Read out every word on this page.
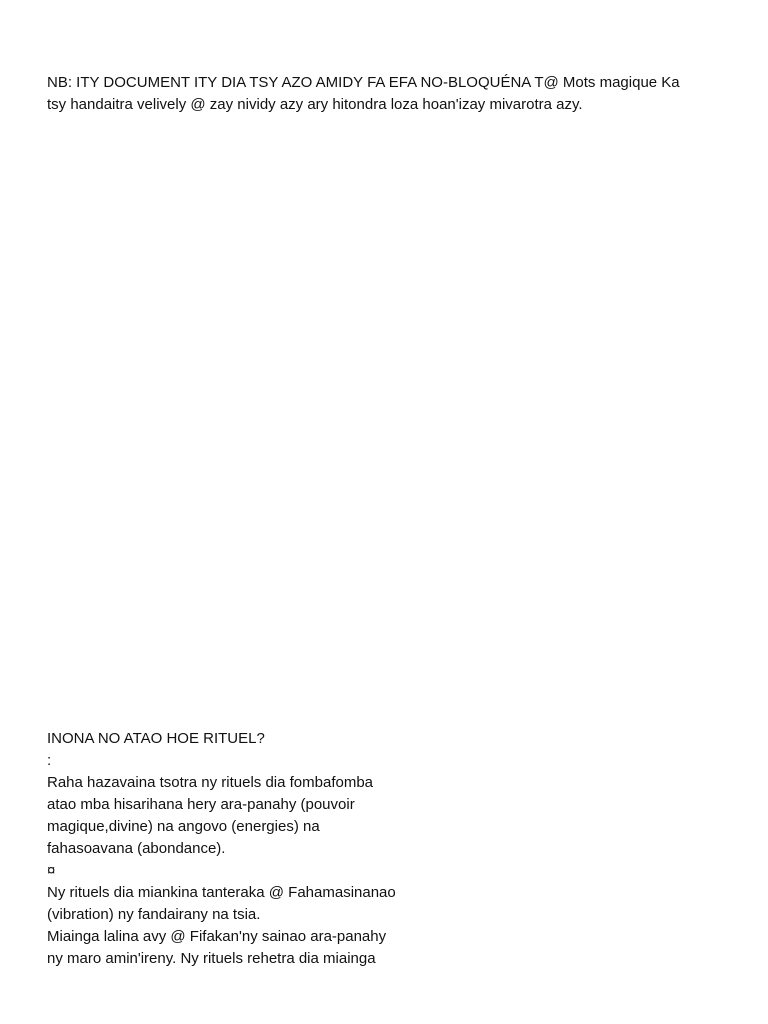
NB: ITY DOCUMENT ITY DIA TSY AZO AMIDY FA EFA NO-BLOQUÉNA T@ Mots magique Ka
tsy handaitra velively @ zay nividy azy ary hitondra loza hoan'izay mivarotra azy.

INONA NO ATAO HOE RITUEL?
:
Raha hazavaina tsotra ny rituels dia fombafomba
atao mba hisarihana hery ara-panahy (pouvoir
magique,divine) na angovo (energies) na
fahasoavana (abondance).
¤
Ny rituels dia miankina tanteraka @ Fahamasinanao
(vibration) ny fandairany na tsia.
Miainga lalina avy @ Fifakan'ny sainao ara-panahy
ny maro amin'ireny. Ny rituels rehetra dia miainga
